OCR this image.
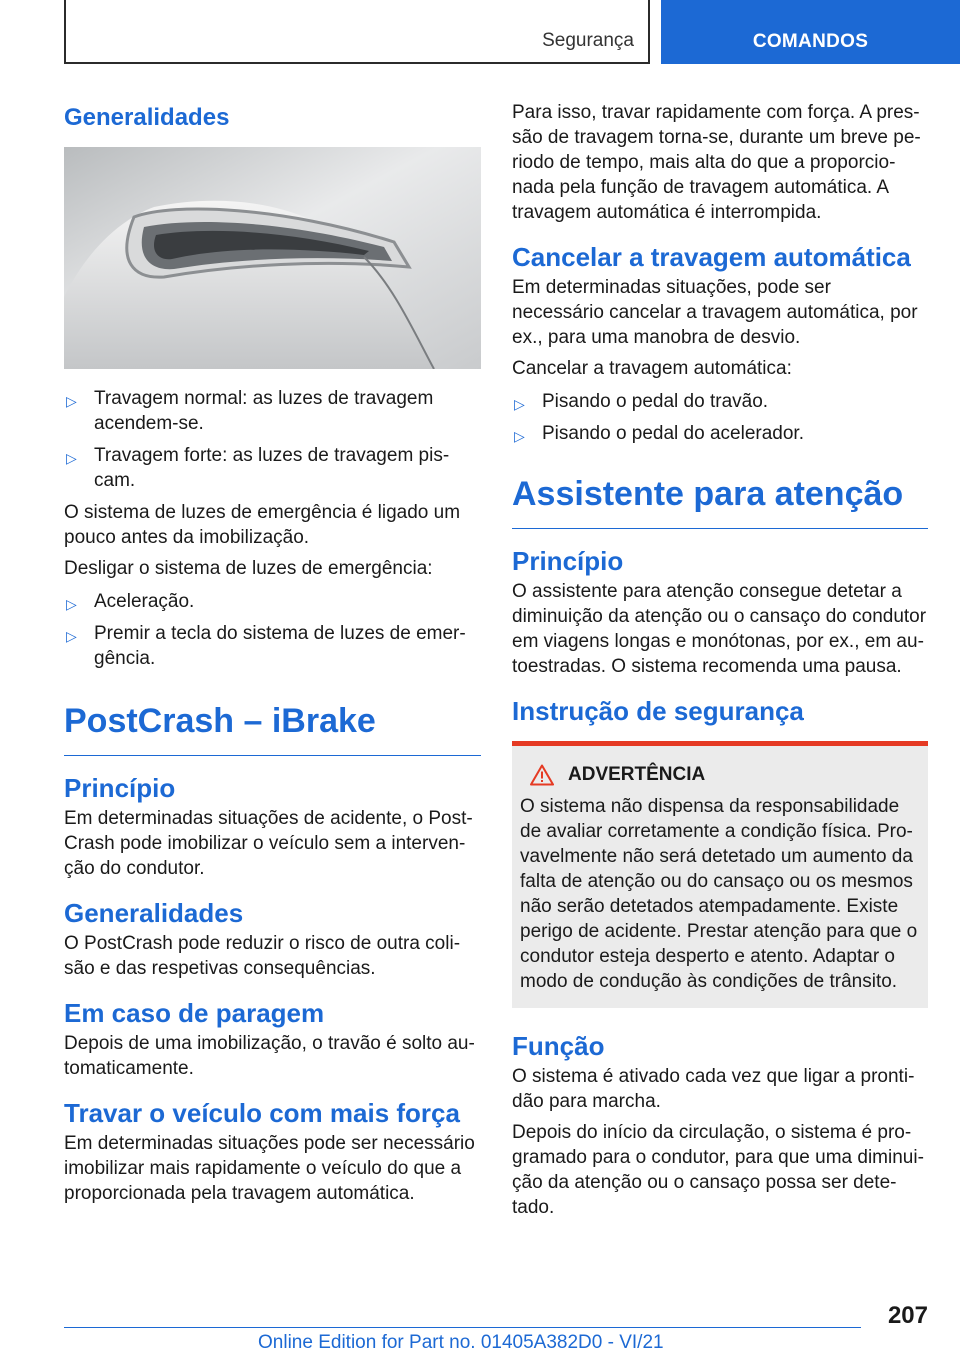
Segurança	COMANDOS
Generalidades
▷ Travagem normal: as luzes de travagem acendem-se.
▷ Travagem forte: as luzes de travagem piscam.

O sistema de luzes de emergência é ligado um pouco antes da imobilização.

Desligar o sistema de luzes de emergência:

▷ Aceleração.
▷ Premir a tecla do sistema de luzes de emergência.
PostCrash – iBrake
Princípio

Em determinadas situações de acidente, o PostCrash pode imobilizar o veículo sem a intervenção do condutor.

Generalidades

O PostCrash pode reduzir o risco de outra colisão e das respetivas consequências.

Em caso de paragem

Depois de uma imobilização, o travão é solto automaticamente.

Travar o veículo com mais força

Em determinadas situações pode ser necessário imobilizar mais rapidamente o veículo do que a proporcionada pela travagem automática.

Para isso, travar rapidamente com força. A pressão de travagem torna-se, durante um breve periodo de tempo, mais alta do que a proporcionada pela função de travagem automática. A travagem automática é interrompida.

Cancelar a travagem automática

Em determinadas situações, pode ser necessário cancelar a travagem automática, por ex., para uma manobra de desvio.

Cancelar a travagem automática:

▷ Pisando o pedal do travão.
▷ Pisando o pedal do acelerador.
Assistente para atenção
Princípio

O assistente para atenção consegue detetar a diminuição da atenção ou o cansaço do condutor em viagens longas e monótonas, por ex., em autoestradas. O sistema recomenda uma pausa.

Instrução de segurança
ADVERTÊNCIA

O sistema não dispensa da responsabilidade de avaliar corretamente a condição física. Provavelmente não será detetado um aumento da falta de atenção ou do cansaço ou os mesmos não serão detetados atempadamente. Existe perigo de acidente. Prestar atenção para que o condutor esteja desperto e atento. Adaptar o modo de condução às condições de trânsito.

Função

O sistema é ativado cada vez que ligar a prontidão para marcha.

Depois do início da circulação, o sistema é programado para o condutor, para que uma diminuição da atenção ou o cansaço possa ser detetado.

207
Online Edition for Part no. 01405A382D0 - VI/21
